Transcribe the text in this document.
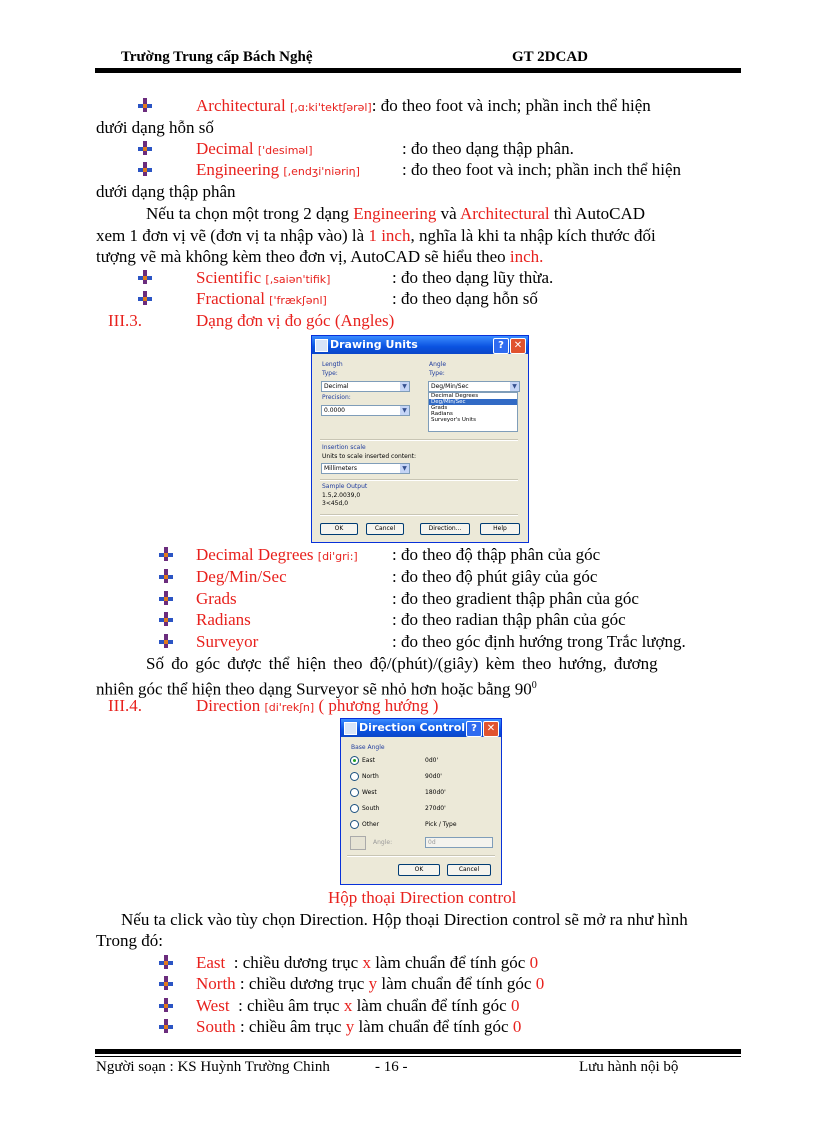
Trường Trung cấp Bách Nghệ	GT 2DCAD
Architectural [,ɑ:ki'tektʃərəl]: đo theo foot và inch; phần inch thể hiện
dưới dạng hỗn số
Decimal ['desiməl]	: đo theo dạng thập phân.
Engineering [,endʒi'niəriη] : đo theo foot và inch; phần inch thể hiện
dưới dạng thập phân
Nếu ta chọn một trong 2 dạng Engineering và Architectural thì AutoCAD
xem 1 đơn vị vẽ (đơn vị ta nhập vào) là 1 inch, nghĩa là khi ta nhập kích thước đối
tượng vẽ mà không kèm theo đơn vị, AutoCAD sẽ hiểu theo inch.
Scientific [,saiən'tifik]	: đo theo dạng lũy thừa.
Fractional ['frækʃənl]	: đo theo dạng hỗn số
III.3.	Dạng đơn vị đo góc (Angles)
Drawing Units	? ✕
Length
Type:
Decimal	▼
Precision:
0.0000	▼
Angle
Type:
Deg/Min/Sec	▼
Decimal Degrees
Deg/Min/Sec
Grads
Radians
Surveyor's Units
Insertion scale
Units to scale inserted content:
Millimeters	▼
Sample Output
1.5,2.0039,0
3<45d,0
OK	Cancel	Direction...	Help
Decimal Degrees [di'gri:] : đo theo độ thập phân của góc
Deg/Min/Sec	: đo theo độ phút giây của góc
Grads	: đo theo gradient thập phân của góc
Radians	: đo theo radian thập phân của góc
Surveyor	: đo theo góc định hướng trong Trắc lượng.
Số đo góc được thể hiện theo độ/(phút)/(giây) kèm theo hướng, đương
nhiên góc thể hiện theo dạng Surveyor sẽ nhỏ hơn hoặc bằng $90^0$
III.4.	Direction [di'rekʃn] ( phương hướng )
Direction Control ? ✕
Base Angle
East	0d0'
North	90d0'
West	180d0'
South	270d0'
Other	Pick / Type
Angle:	0d
OK	Cancel
Hộp thoại Direction control
Nếu ta click vào tùy chọn Direction. Hộp thoại Direction control sẽ mở ra như hình
Trong đó:
East  : chiều dương trục x làm chuẩn để tính góc 0
North : chiều dương trục y làm chuẩn để tính góc 0
West  : chiều âm trục x làm chuẩn để tính góc 0
South : chiều âm trục y làm chuẩn để tính góc 0
Người soạn : KS Huỳnh Trường Chinh	- 16 -	Lưu hành nội bộ
